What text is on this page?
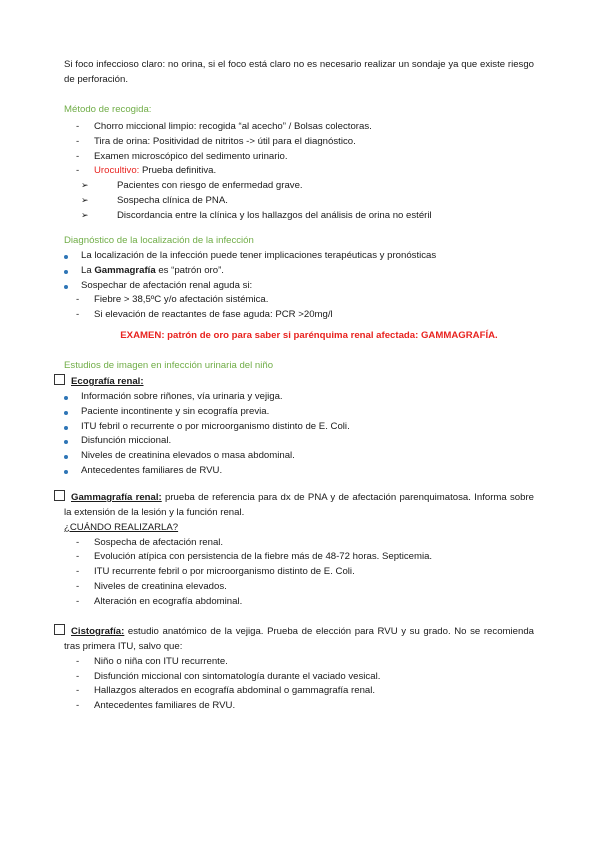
Si foco infeccioso claro: no orina, si el foco está claro no es necesario realizar un sondaje ya que existe riesgo de perforación.

Método de recogida:

- Chorro miccional limpio: recogida “al acecho” / Bolsas colectoras.
- Tira de orina: Positividad de nitritos -> útil para el diagnóstico.
- Examen microscópico del sedimento urinario.
- Urocultivo: Prueba definitiva.
➢	Pacientes con riesgo de enfermedad grave.
➢	Sospecha clínica de PNA.
➢	Discordancia entre la clínica y los hallazgos del análisis de orina no estéril

Diagnóstico de la localización de la infección

La localización de la infección puede tener implicaciones terapéuticas y pronósticas
La Gammagrafía es “patrón oro”.
Sospechar de afectación renal aguda si:
- Fiebre > 38,5ºC y/o afectación sistémica.
- Si elevación de reactantes de fase aguda: PCR >20mg/l

EXAMEN: patrón de oro para saber si parénquima renal afectada: GAMMAGRAFÍA.

Estudios de imagen en infección urinaria del niño

Ecografía renal:

Información sobre riñones, vía urinaria y vejiga.
Paciente incontinente y sin ecografía previa.
ITU febril o recurrente o por microorganismo distinto de E. Coli.
Disfunción miccional.
Niveles de creatinina elevados o masa abdominal.
Antecedentes familiares de RVU.

Gammagrafía renal: prueba de referencia para dx de PNA y de afectación parenquimatosa. Informa sobre la extensión de la lesión y la función renal.

¿CUÁNDO REALIZARLA?

- Sospecha de afectación renal.
- Evolución atípica con persistencia de la fiebre más de 48-72 horas. Septicemia.
- ITU recurrente febril o por microorganismo distinto de E. Coli.
- Niveles de creatinina elevados.
- Alteración en ecografía abdominal.

Cistografía: estudio anatómico de la vejiga. Prueba de elección para RVU y su grado. No se recomienda tras primera ITU, salvo que:

- Niño o niña con ITU recurrente.
- Disfunción miccional con sintomatología durante el vaciado vesical.
- Hallazgos alterados en ecografía abdominal o gammagrafía renal.
- Antecedentes familiares de RVU.
